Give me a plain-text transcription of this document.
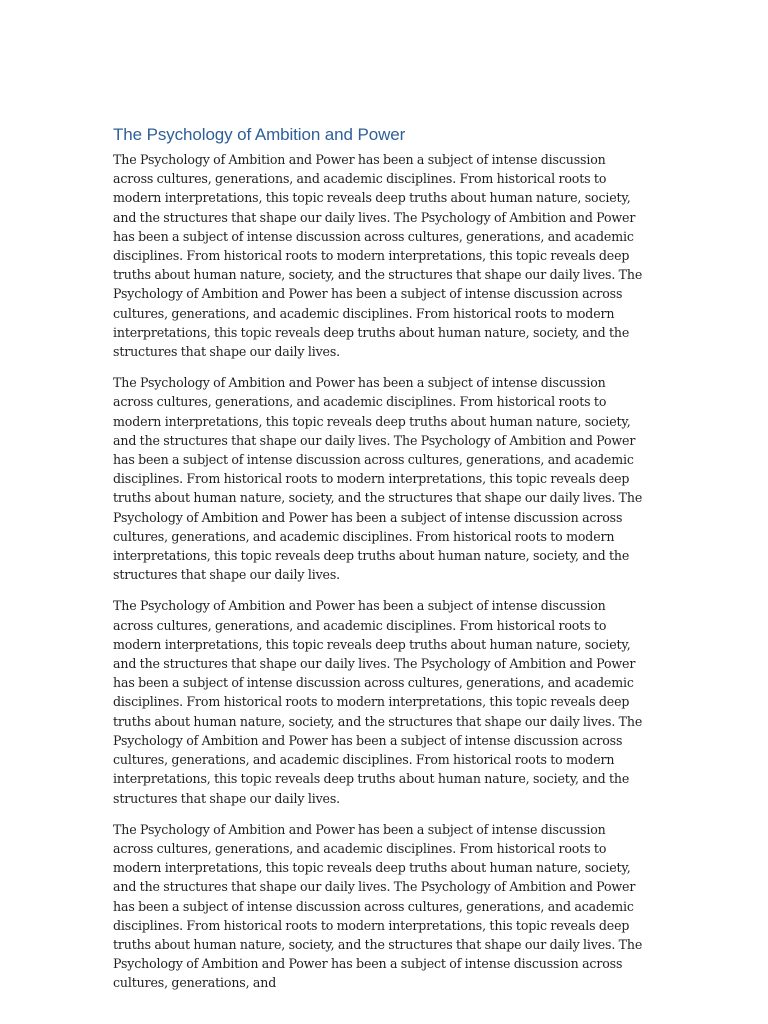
The Psychology of Ambition and Power

The Psychology of Ambition and Power has been a subject of intense discussion across cultures, generations, and academic disciplines. From historical roots to modern interpretations, this topic reveals deep truths about human nature, society, and the structures that shape our daily lives. The Psychology of Ambition and Power has been a subject of intense discussion across cultures, generations, and academic disciplines. From historical roots to modern interpretations, this topic reveals deep truths about human nature, society, and the structures that shape our daily lives. The Psychology of Ambition and Power has been a subject of intense discussion across cultures, generations, and academic disciplines. From historical roots to modern interpretations, this topic reveals deep truths about human nature, society, and the structures that shape our daily lives.

The Psychology of Ambition and Power has been a subject of intense discussion across cultures, generations, and academic disciplines. From historical roots to modern interpretations, this topic reveals deep truths about human nature, society, and the structures that shape our daily lives. The Psychology of Ambition and Power has been a subject of intense discussion across cultures, generations, and academic disciplines. From historical roots to modern interpretations, this topic reveals deep truths about human nature, society, and the structures that shape our daily lives. The Psychology of Ambition and Power has been a subject of intense discussion across cultures, generations, and academic disciplines. From historical roots to modern interpretations, this topic reveals deep truths about human nature, society, and the structures that shape our daily lives.

The Psychology of Ambition and Power has been a subject of intense discussion across cultures, generations, and academic disciplines. From historical roots to modern interpretations, this topic reveals deep truths about human nature, society, and the structures that shape our daily lives. The Psychology of Ambition and Power has been a subject of intense discussion across cultures, generations, and academic disciplines. From historical roots to modern interpretations, this topic reveals deep truths about human nature, society, and the structures that shape our daily lives. The Psychology of Ambition and Power has been a subject of intense discussion across cultures, generations, and academic disciplines. From historical roots to modern interpretations, this topic reveals deep truths about human nature, society, and the structures that shape our daily lives.

The Psychology of Ambition and Power has been a subject of intense discussion across cultures, generations, and academic disciplines. From historical roots to modern interpretations, this topic reveals deep truths about human nature, society, and the structures that shape our daily lives. The Psychology of Ambition and Power has been a subject of intense discussion across cultures, generations, and academic disciplines. From historical roots to modern interpretations, this topic reveals deep truths about human nature, society, and the structures that shape our daily lives. The Psychology of Ambition and Power has been a subject of intense discussion across cultures, generations, and
